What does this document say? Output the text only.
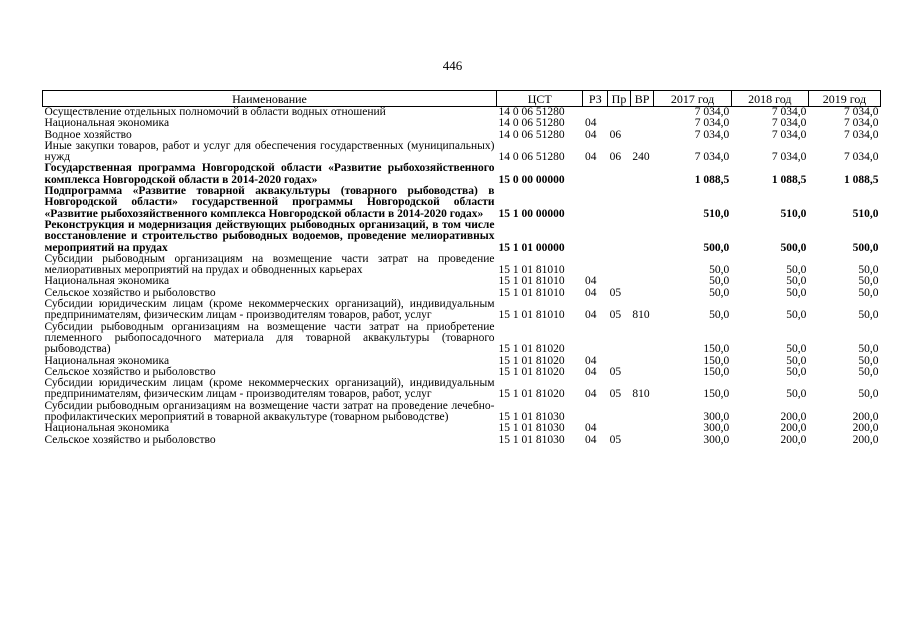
446
Наименование	ЦСТ	РЗ	Пр	ВР	2017 год	2018 год	2019 год
Осуществление отдельных полномочий в области водных отношений	14 0 06 51280				7 034,0	7 034,0	7 034,0
Национальная экономика	14 0 06 51280	04			7 034,0	7 034,0	7 034,0
Водное хозяйство	14 0 06 51280	04	06		7 034,0	7 034,0	7 034,0
Иные закупки товаров, работ и услуг для обеспечения государственных (муниципальных) нужд	14 0 06 51280	04	06	240	7 034,0	7 034,0	7 034,0
Государственная программа Новгородской области «Развитие рыбохозяйственного комплекса Новгородской области в 2014-2020 годах»	15 0 00 00000				1 088,5	1 088,5	1 088,5
Подпрограмма «Развитие товарной аквакультуры (товарного рыбоводства) в Новгородской области» государственной программы Новгородской области «Развитие рыбохозяйственного комплекса Новгородской области в 2014-2020 годах»	15 1 00 00000				510,0	510,0	510,0
Реконструкция и модернизация действующих рыбоводных организаций, в том числе восстановление и строительство рыбоводных водоемов, проведение мелиоративных мероприятий на прудах	15 1 01 00000				500,0	500,0	500,0
Субсидии рыбоводным организациям на возмещение части затрат на проведение мелиоративных мероприятий на прудах и обводненных карьерах	15 1 01 81010				50,0	50,0	50,0
Национальная экономика	15 1 01 81010	04			50,0	50,0	50,0
Сельское хозяйство и рыболовство	15 1 01 81010	04	05		50,0	50,0	50,0
Субсидии юридическим лицам (кроме некоммерческих организаций), индивидуальным предпринимателям, физическим лицам - производителям товаров, работ, услуг	15 1 01 81010	04	05	810	50,0	50,0	50,0
Субсидии рыбоводным организациям на возмещение части затрат на приобретение племенного рыбопосадочного материала для товарной аквакультуры (товарного рыбоводства)	15 1 01 81020				150,0	50,0	50,0
Национальная экономика	15 1 01 81020	04			150,0	50,0	50,0
Сельское хозяйство и рыболовство	15 1 01 81020	04	05		150,0	50,0	50,0
Субсидии юридическим лицам (кроме некоммерческих организаций), индивидуальным предпринимателям, физическим лицам - производителям товаров, работ, услуг	15 1 01 81020	04	05	810	150,0	50,0	50,0
Субсидии рыбоводным организациям на возмещение части затрат на проведение лечебно-профилактических мероприятий в товарной аквакультуре (товарном рыбоводстве)	15 1 01 81030				300,0	200,0	200,0
Национальная экономика	15 1 01 81030	04			300,0	200,0	200,0
Сельское хозяйство и рыболовство	15 1 01 81030	04	05		300,0	200,0	200,0
